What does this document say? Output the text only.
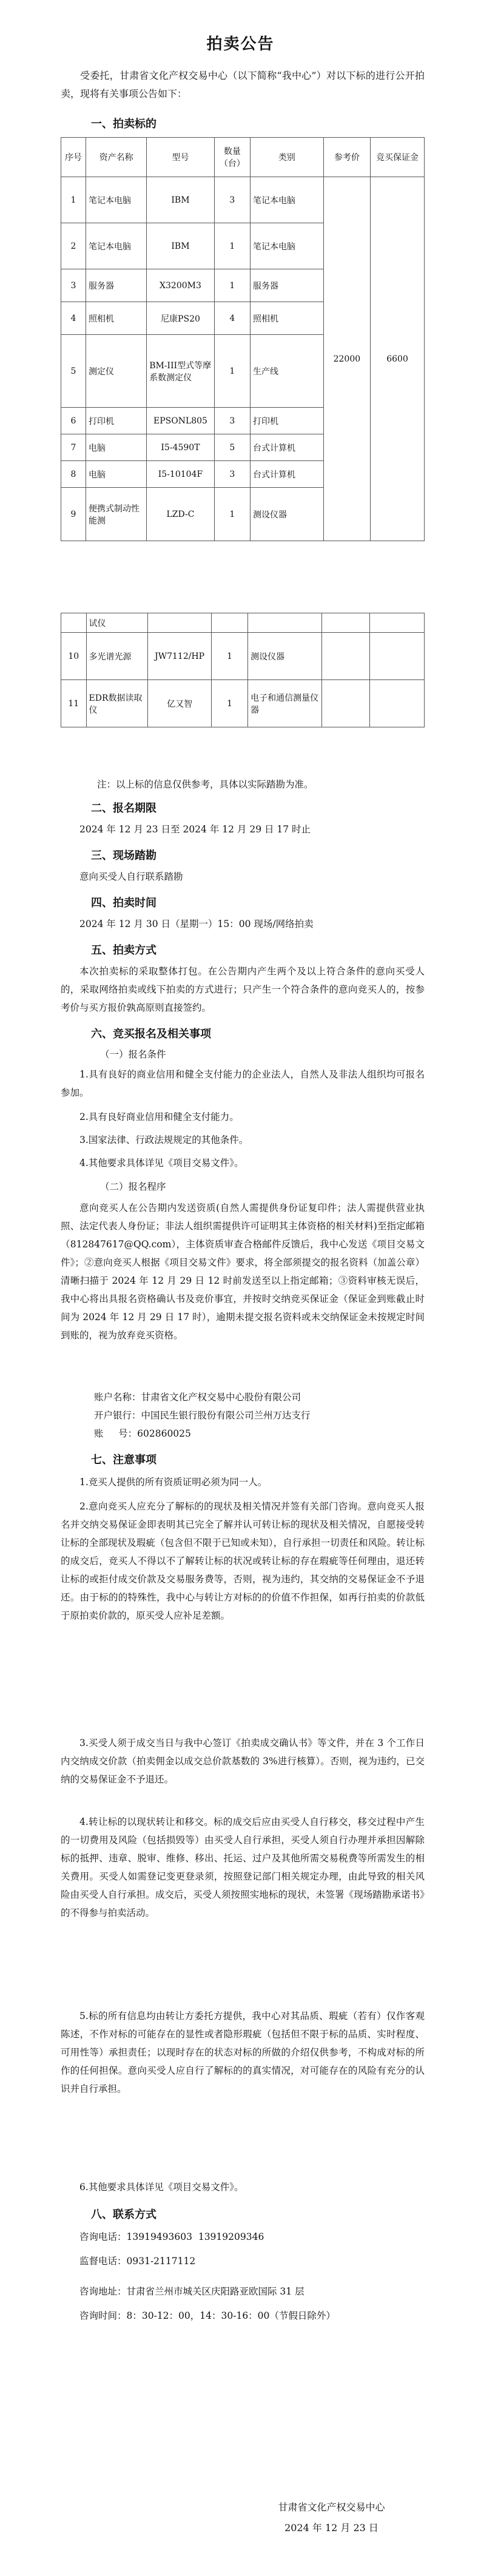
拍卖公告
受委托，甘肃省文化产权交易中心（以下简称“我中心”）对以下标的进行公开拍卖，现将有关事项公告如下：
一、拍卖标的
序号	资产名称	型号	数量（台）	类别	参考价	竞买保证金
1	笔记本电脑	IBM	3	笔记本电脑	22000	6600
2	笔记本电脑	IBM	1	笔记本电脑		
3	服务器	X3200M3	1	服务器		
4	照相机	尼康PS20	4	照相机		
5	测定仪	BM-III型式等摩系数测定仪	1	生产线		
6	打印机	EPSONL805	3	打印机		
7	电脑	I5-4590T	5	台式计算机		
8	电脑	I5-10104F	3	台式计算机		
9	便携式制动性能测	LZD-C	1	测设仪器		
	试仪					
10	多光谱光源	JW7112/HP	1	测设仪器		
11	EDR数据读取仪	亿又智	1	电子和通信测量仪器		
注：以上标的信息仅供参考，具体以实际踏勘为准。
二、报名期限
2024 年 12 月 23 日至 2024 年 12 月 29 日 17 时止
三、现场踏勘
意向买受人自行联系踏勘
四、拍卖时间
2024 年 12 月 30 日（星期一）15：00 现场/网络拍卖
五、拍卖方式
本次拍卖标的采取整体打包。在公告期内产生两个及以上符合条件的意向买受人的，采取网络拍卖或线下拍卖的方式进行；只产生一个符合条件的意向竞买人的，按参考价与买方报价孰高原则直接签约。
六、竞买报名及相关事项
（一）报名条件
1.具有良好的商业信用和健全支付能力的企业法人，自然人及非法人组织均可报名参加。
2.具有良好商业信用和健全支付能力。
3.国家法律、行政法规规定的其他条件。
4.其他要求具体详见《项目交易文件》。
（二）报名程序
意向竞买人在公告期内发送资质(自然人需提供身份证复印件；法人需提供营业执照、法定代表人身份证；非法人组织需提供许可证明其主体资格的相关材料)至指定邮箱（812847617@QQ.com），主体资质审查合格邮件反馈后，我中心发送《项目交易文件》；②意向竞买人根据《项目交易文件》要求，将全部须提交的报名资料（加盖公章）清晰扫描于 2024 年 12 月 29 日 12 时前发送至以上指定邮箱；③资料审核无误后，我中心将出具报名资格确认书及竞价事宜，并按时交纳竞买保证金（保证金到账截止时间为 2024 年 12 月 29 日 17 时），逾期未提交报名资料或未交纳保证金未按规定时间到账的，视为放弃竞买资格。
账户名称：甘肃省文化产权交易中心股份有限公司
开户银行：中国民生银行股份有限公司兰州万达支行
账     号：602860025
七、注意事项
1.竞买人提供的所有资质证明必须为同一人。
2.意向竞买人应充分了解标的的现状及相关情况并签有关部门咨询。意向竞买人报名并交纳交易保证金即表明其已完全了解并认可转让标的现状及相关情况，自愿接受转让标的全部现状及瑕疵（包含但不限于已知或未知），自行承担一切责任和风险。转让标的成交后，竞买人不得以不了解转让标的状况或转让标的存在瑕疵等任何理由，退还转让标的或拒付成交价款及交易服务费等，否则，视为违约，其交纳的交易保证金不予退还。由于标的的特殊性，我中心与转让方对标的的价值不作担保，如再行拍卖的价款低于原拍卖价款的，原买受人应补足差额。
3.买受人须于成交当日与我中心签订《拍卖成交确认书》等文件，并在 3 个工作日内交纳成交价款（拍卖佣金以成交总价款基数的 3%进行核算）。否则，视为违约，已交纳的交易保证金不予退还。
4.转让标的以现状转让和移交。标的成交后应由买受人自行移交，移交过程中产生的一切费用及风险（包括损毁等）由买受人自行承担，买受人须自行办理并承担因解除标的抵押、违章、脱审、维修、移出、托运、过户及其他所需交易税费等所需发生的相关费用。买受人如需登记变更登录须，按照登记部门相关规定办理，由此导致的相关风险由买受人自行承担。成交后，买受人须按照实地标的现状，未签署《现场踏勘承诺书》的不得参与拍卖活动。
5.标的所有信息均由转让方委托方提供，我中心对其品质、瑕疵（若有）仅作客观陈述，不作对标的可能存在的显性或者隐形瑕疵（包括但不限于标的品质、实时程度、可用性等）承担责任；以现时存在的状态对标的所做的介绍仅供参考，不构成对标的所作的任何担保。意向买受人应自行了解标的的真实情况，对可能存在的风险有充分的认识并自行承担。
6.其他要求具体详见《项目交易文件》。
八、联系方式
咨询电话：13919493603  13919209346
监督电话：0931-2117112
咨询地址：甘肃省兰州市城关区庆阳路亚欧国际 31 层
咨询时间：8：30-12：00，14：30-16：00（节假日除外）
甘肃省文化产权交易中心
2024 年 12 月 23 日
